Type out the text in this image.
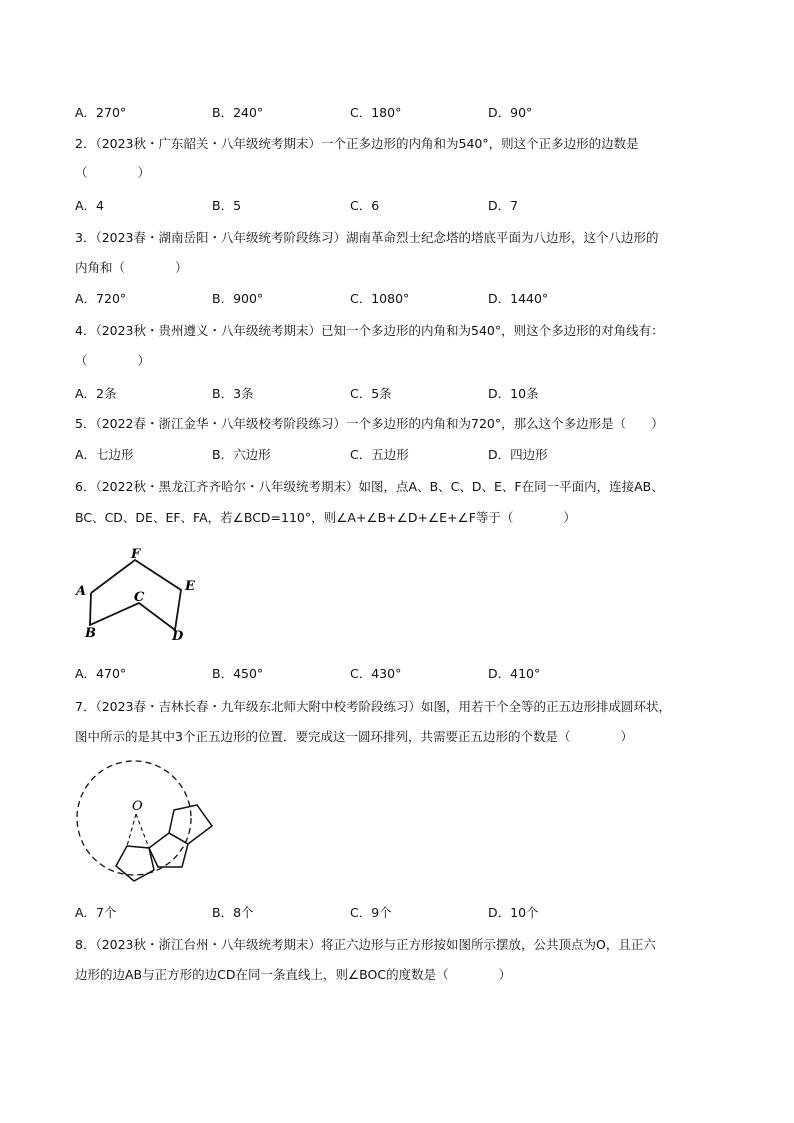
A．270°	B．240°	C．180°	D．90°
2．（2023秋・广东韶关・八年级统考期末）一个正多边形的内角和为540°，则这个正多边形的边数是
（　　　　）
A．4	B．5	C．6	D．7
3．（2023春・湖南岳阳・八年级统考阶段练习）湖南革命烈士纪念塔的塔底平面为八边形，这个八边形的
内角和（　　　　）
A．720°	B．900°	C．1080°	D．1440°
4．（2023秋・贵州遵义・八年级统考期末）已知一个多边形的内角和为540°，则这个多边形的对角线有：
（　　　　）
A．2条	B．3条	C．5条	D．10条
5．（2022春・浙江金华・八年级校考阶段练习）一个多边形的内角和为720°，那么这个多边形是（　　）
A．七边形	B．六边形	C．五边形	D．四边形
6．（2022秋・黑龙江齐齐哈尔・八年级统考期末）如图，点A、B、C、D、E、F在同一平面内，连接AB、
BC、CD、DE、EF、FA，若∠BCD=110°，则∠A+∠B+∠D+∠E+∠F等于（　　　　）
F
A	C
E
B	D
A．470°	B．450°	C．430°	D．410°
7．（2023春・吉林长春・九年级东北师大附中校考阶段练习）如图，用若干个全等的正五边形排成圆环状，
图中所示的是其中3个正五边形的位置．要完成这一圆环排列，共需要正五边形的个数是（　　　　）
O
A．7个	B．8个	C．9个	D．10个
8．（2023秋・浙江台州・八年级统考期末）将正六边形与正方形按如图所示摆放，公共顶点为O，且正六
边形的边AB与正方形的边CD在同一条直线上，则∠BOC的度数是（　　　　）
